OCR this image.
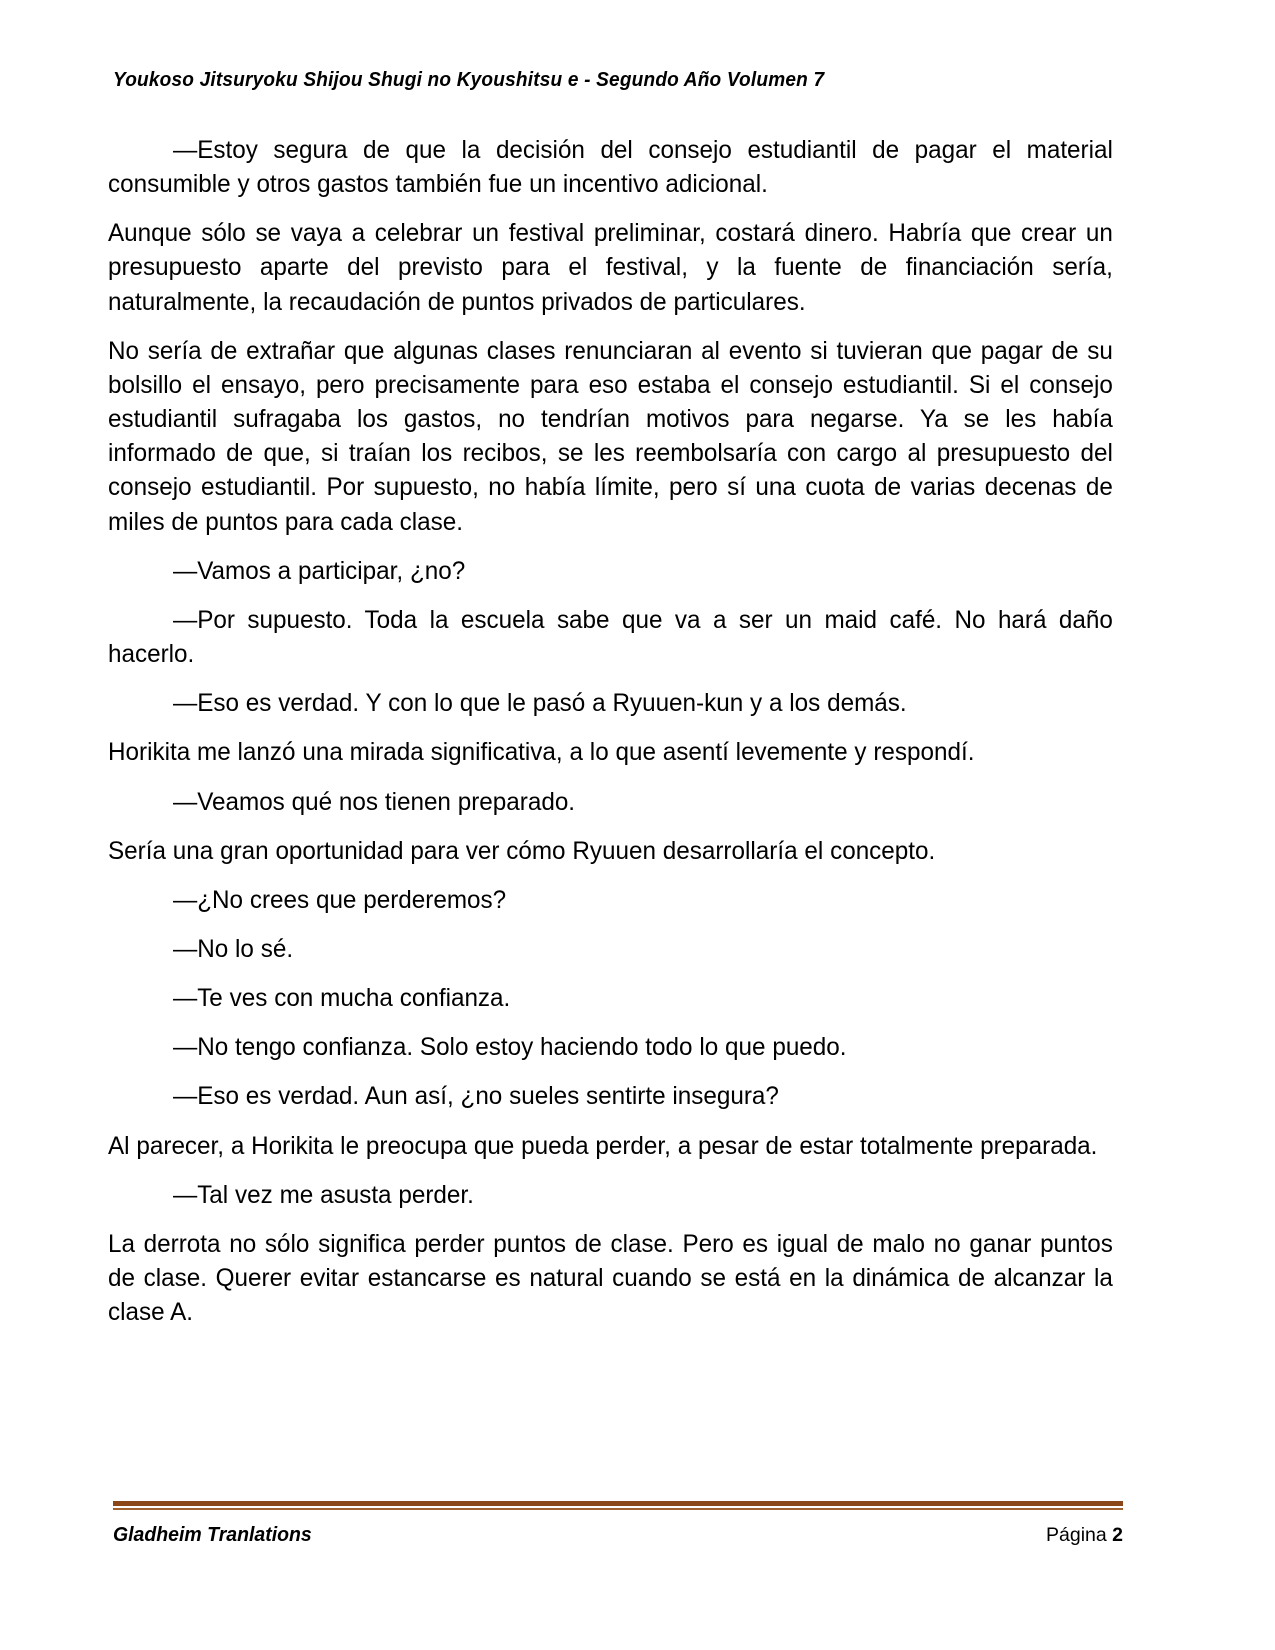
Youkoso Jitsuryoku Shijou Shugi no Kyoushitsu e - Segundo Año Volumen 7

—Estoy segura de que la decisión del consejo estudiantil de pagar el material consumible y otros gastos también fue un incentivo adicional.

Aunque sólo se vaya a celebrar un festival preliminar, costará dinero. Habría que crear un presupuesto aparte del previsto para el festival, y la fuente de financiación sería, naturalmente, la recaudación de puntos privados de particulares.

No sería de extrañar que algunas clases renunciaran al evento si tuvieran que pagar de su bolsillo el ensayo, pero precisamente para eso estaba el consejo estudiantil. Si el consejo estudiantil sufragaba los gastos, no tendrían motivos para negarse. Ya se les había informado de que, si traían los recibos, se les reembolsaría con cargo al presupuesto del consejo estudiantil. Por supuesto, no había límite, pero sí una cuota de varias decenas de miles de puntos para cada clase.

—Vamos a participar, ¿no?

—Por supuesto. Toda la escuela sabe que va a ser un maid café. No hará daño hacerlo.

—Eso es verdad. Y con lo que le pasó a Ryuuen-kun y a los demás.

Horikita me lanzó una mirada significativa, a lo que asentí levemente y respondí.

—Veamos qué nos tienen preparado.

Sería una gran oportunidad para ver cómo Ryuuen desarrollaría el concepto.

—¿No crees que perderemos?

—No lo sé.

—Te ves con mucha confianza.

—No tengo confianza. Solo estoy haciendo todo lo que puedo.

—Eso es verdad. Aun así, ¿no sueles sentirte insegura?

Al parecer, a Horikita le preocupa que pueda perder, a pesar de estar totalmente preparada.

—Tal vez me asusta perder.

La derrota no sólo significa perder puntos de clase. Pero es igual de malo no ganar puntos de clase. Querer evitar estancarse es natural cuando se está en la dinámica de alcanzar la clase A.

Gladheim Tranlations	Página 2
